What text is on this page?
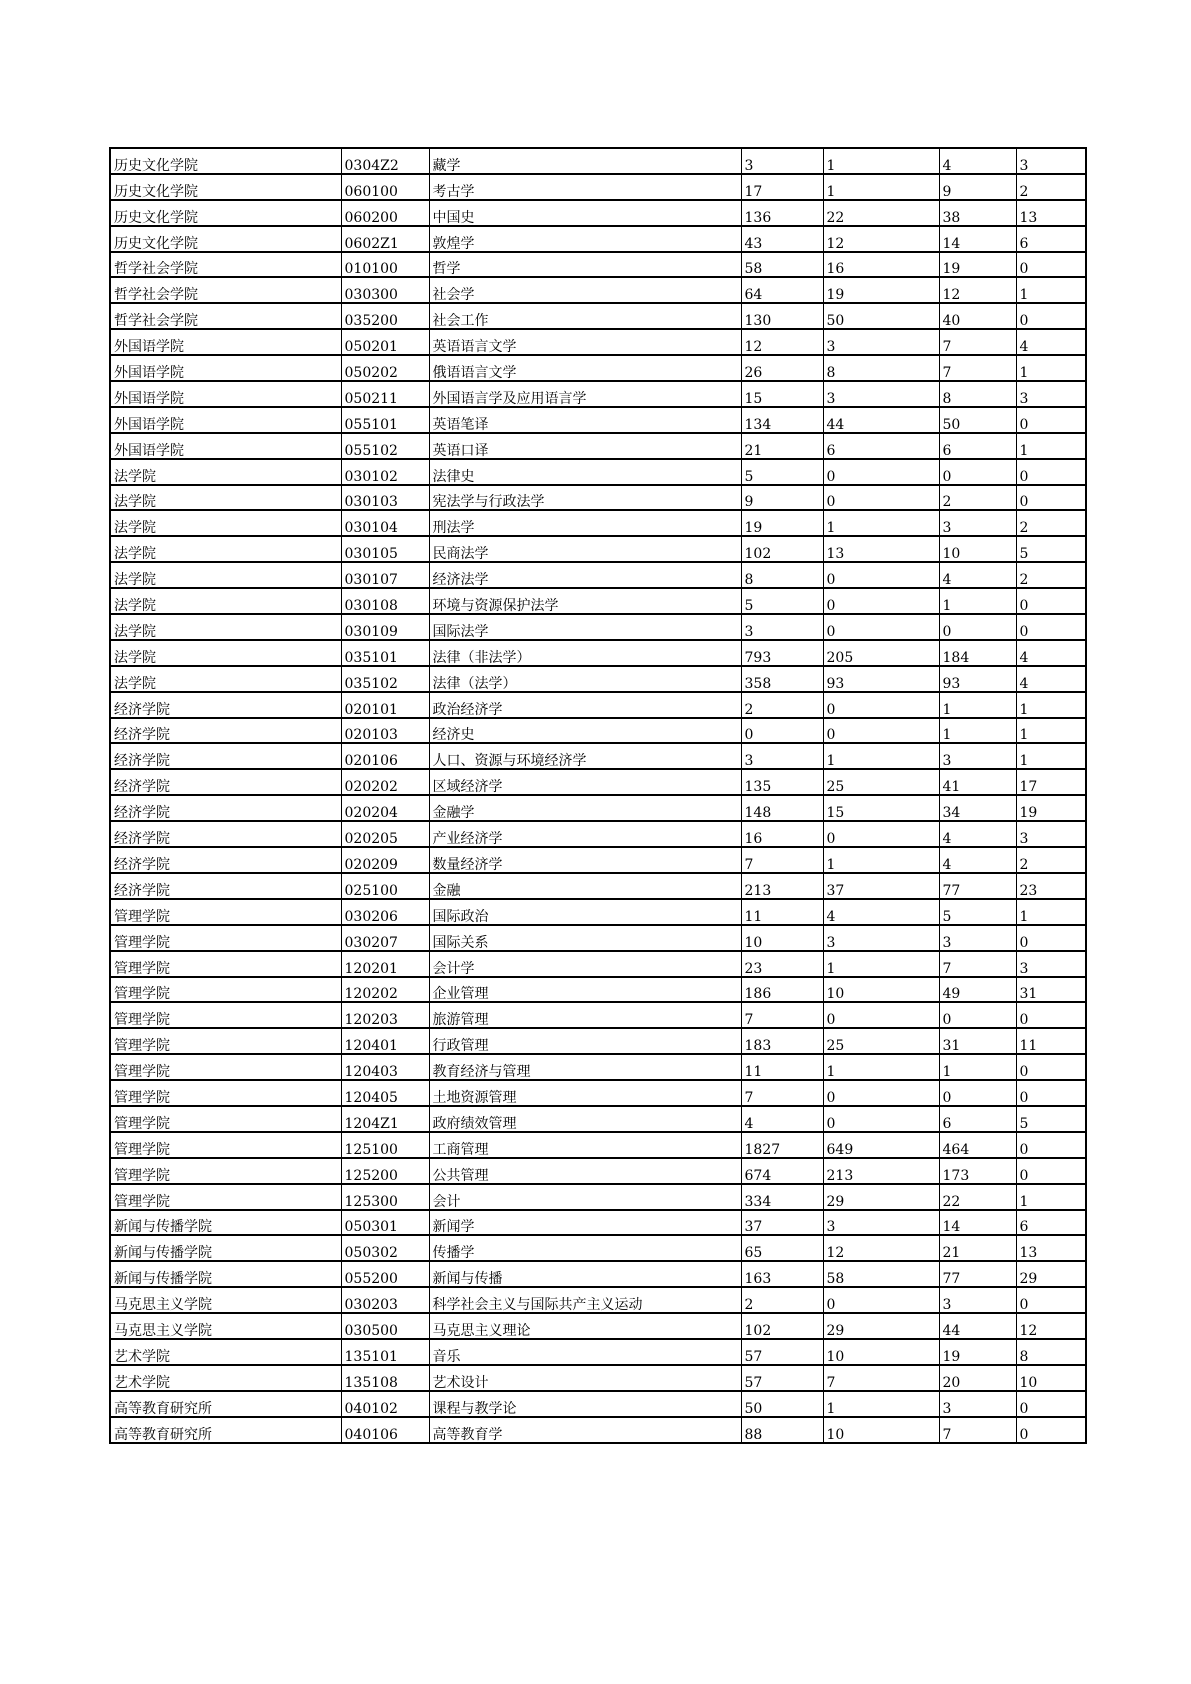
历史文化学院	0304Z2	藏学	3	1	4	3
历史文化学院	060100	考古学	17	1	9	2
历史文化学院	060200	中国史	136	22	38	13
历史文化学院	0602Z1	敦煌学	43	12	14	6
哲学社会学院	010100	哲学	58	16	19	0
哲学社会学院	030300	社会学	64	19	12	1
哲学社会学院	035200	社会工作	130	50	40	0
外国语学院	050201	英语语言文学	12	3	7	4
外国语学院	050202	俄语语言文学	26	8	7	1
外国语学院	050211	外国语言学及应用语言学	15	3	8	3
外国语学院	055101	英语笔译	134	44	50	0
外国语学院	055102	英语口译	21	6	6	1
法学院	030102	法律史	5	0	0	0
法学院	030103	宪法学与行政法学	9	0	2	0
法学院	030104	刑法学	19	1	3	2
法学院	030105	民商法学	102	13	10	5
法学院	030107	经济法学	8	0	4	2
法学院	030108	环境与资源保护法学	5	0	1	0
法学院	030109	国际法学	3	0	0	0
法学院	035101	法律（非法学）	793	205	184	4
法学院	035102	法律（法学）	358	93	93	4
经济学院	020101	政治经济学	2	0	1	1
经济学院	020103	经济史	0	0	1	1
经济学院	020106	人口、资源与环境经济学	3	1	3	1
经济学院	020202	区域经济学	135	25	41	17
经济学院	020204	金融学	148	15	34	19
经济学院	020205	产业经济学	16	0	4	3
经济学院	020209	数量经济学	7	1	4	2
经济学院	025100	金融	213	37	77	23
管理学院	030206	国际政治	11	4	5	1
管理学院	030207	国际关系	10	3	3	0
管理学院	120201	会计学	23	1	7	3
管理学院	120202	企业管理	186	10	49	31
管理学院	120203	旅游管理	7	0	0	0
管理学院	120401	行政管理	183	25	31	11
管理学院	120403	教育经济与管理	11	1	1	0
管理学院	120405	土地资源管理	7	0	0	0
管理学院	1204Z1	政府绩效管理	4	0	6	5
管理学院	125100	工商管理	1827	649	464	0
管理学院	125200	公共管理	674	213	173	0
管理学院	125300	会计	334	29	22	1
新闻与传播学院	050301	新闻学	37	3	14	6
新闻与传播学院	050302	传播学	65	12	21	13
新闻与传播学院	055200	新闻与传播	163	58	77	29
马克思主义学院	030203	科学社会主义与国际共产主义运动	2	0	3	0
马克思主义学院	030500	马克思主义理论	102	29	44	12
艺术学院	135101	音乐	57	10	19	8
艺术学院	135108	艺术设计	57	7	20	10
高等教育研究所	040102	课程与教学论	50	1	3	0
高等教育研究所	040106	高等教育学	88	10	7	0
